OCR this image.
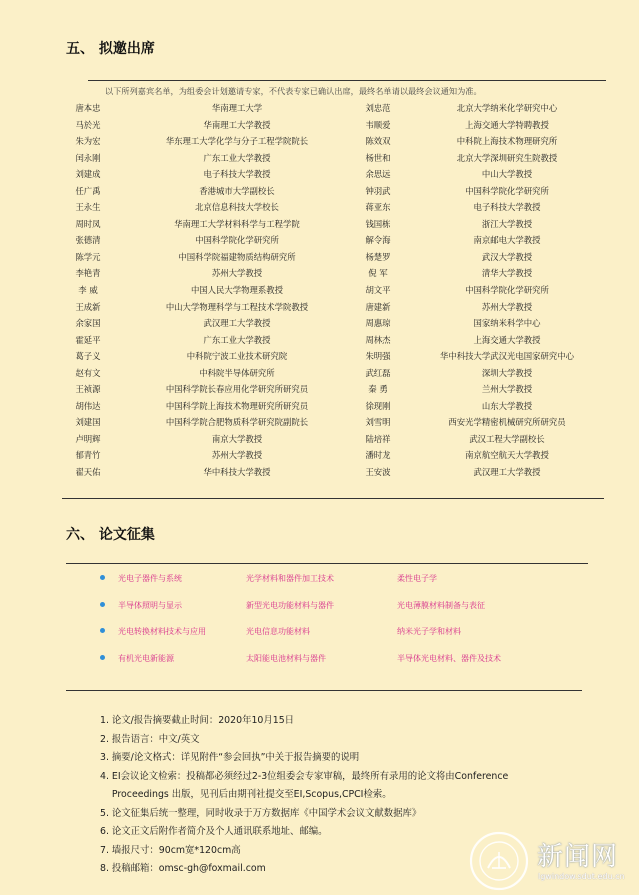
五、 拟邀出席
以下所列嘉宾名单，为组委会计划邀请专家，不代表专家已确认出席，最终名单请以最终会议通知为准。
唐本忠	华南理工大学	刘忠范	北京大学纳米化学研究中心
马於光	华南理工大学教授	韦顺爱	上海交通大学特聘教授
朱为宏	华东理工大学化学与分子工程学院院长	陈效双	中科院上海技术物理研究所
闰永刚	广东工业大学教授	杨世和	北京大学深圳研究生院教授
刘建成	电子科技大学教授	余思远	中山大学教授
任广禹	香港城市大学副校长	钟羽武	中国科学院化学研究所
王永生	北京信息科技大学校长	蒋亚东	电子科技大学教授
周时凤	华南理工大学材料科学与工程学院	钱国栋	浙江大学教授
张德清	中国科学院化学研究所	解令海	南京邮电大学教授
陈学元	中国科学院福建物质结构研究所	杨楚罗	武汉大学教授
李艳青	苏州大学教授	倪 军	清华大学教授
李 威	中国人民大学物理系教授	胡文平	中国科学院化学研究所
王成新	中山大学物理科学与工程技术学院教授	唐建新	苏州大学教授
余家国	武汉理工大学教授	周惠琼	国家纳米科学中心
霍延平	广东工业大学教授	周林杰	上海交通大学教授
葛子义	中科院宁波工业技术研究院	朱明强	华中科技大学武汉光电国家研究中心
赵有文	中科院半导体研究所	武红磊	深圳大学教授
王祯源	中国科学院长春应用化学研究所研究员	秦 勇	兰州大学教授
胡伟达	中国科学院上海技术物理研究所研究员	徐现刚	山东大学教授
刘建国	中国科学院合肥物质科学研究院副院长	刘雪明	西安光学精密机械研究所研究员
卢明辉	南京大学教授	陆培祥	武汉工程大学副校长
郁青竹	苏州大学教授	潘时龙	南京航空航天大学教授
翟天佑	华中科技大学教授	王安波	武汉理工大学教授
六、 论文征集
光电子器件与系统	光学材料和器件加工技术	柔性电子学
半导体照明与显示	新型光电功能材料与器件	光电薄膜材料制备与表征
光电转换材料技术与应用	光电信息功能材料	纳米光子学和材料
有机光电新能源	太阳能电池材料与器件	半导体光电材料、器件及技术
1. 论文/报告摘要截止时间：2020年10月15日
2. 报告语言：中文/英文
3. 摘要/论文格式：详见附件“参会回执”中关于报告摘要的说明
4. EI会议论文检索：投稿都必须经过2-3位组委会专家审稿，最终所有录用的论文将由Conference
Proceedings 出版，见刊后由期刊社提交至EI,Scopus,CPCI检索。
5. 论文征集后统一整理，同时收录于万方数据库《中国学术会议文献数据库》
6. 论文正文后附作者简介及个人通讯联系地址、邮编。
7. 墙报尺寸：90cm宽*120cm高
8. 投稿邮箱：omsc-gh@foxmail.com	新闻网
lgwindow.sdut.edu.cn
